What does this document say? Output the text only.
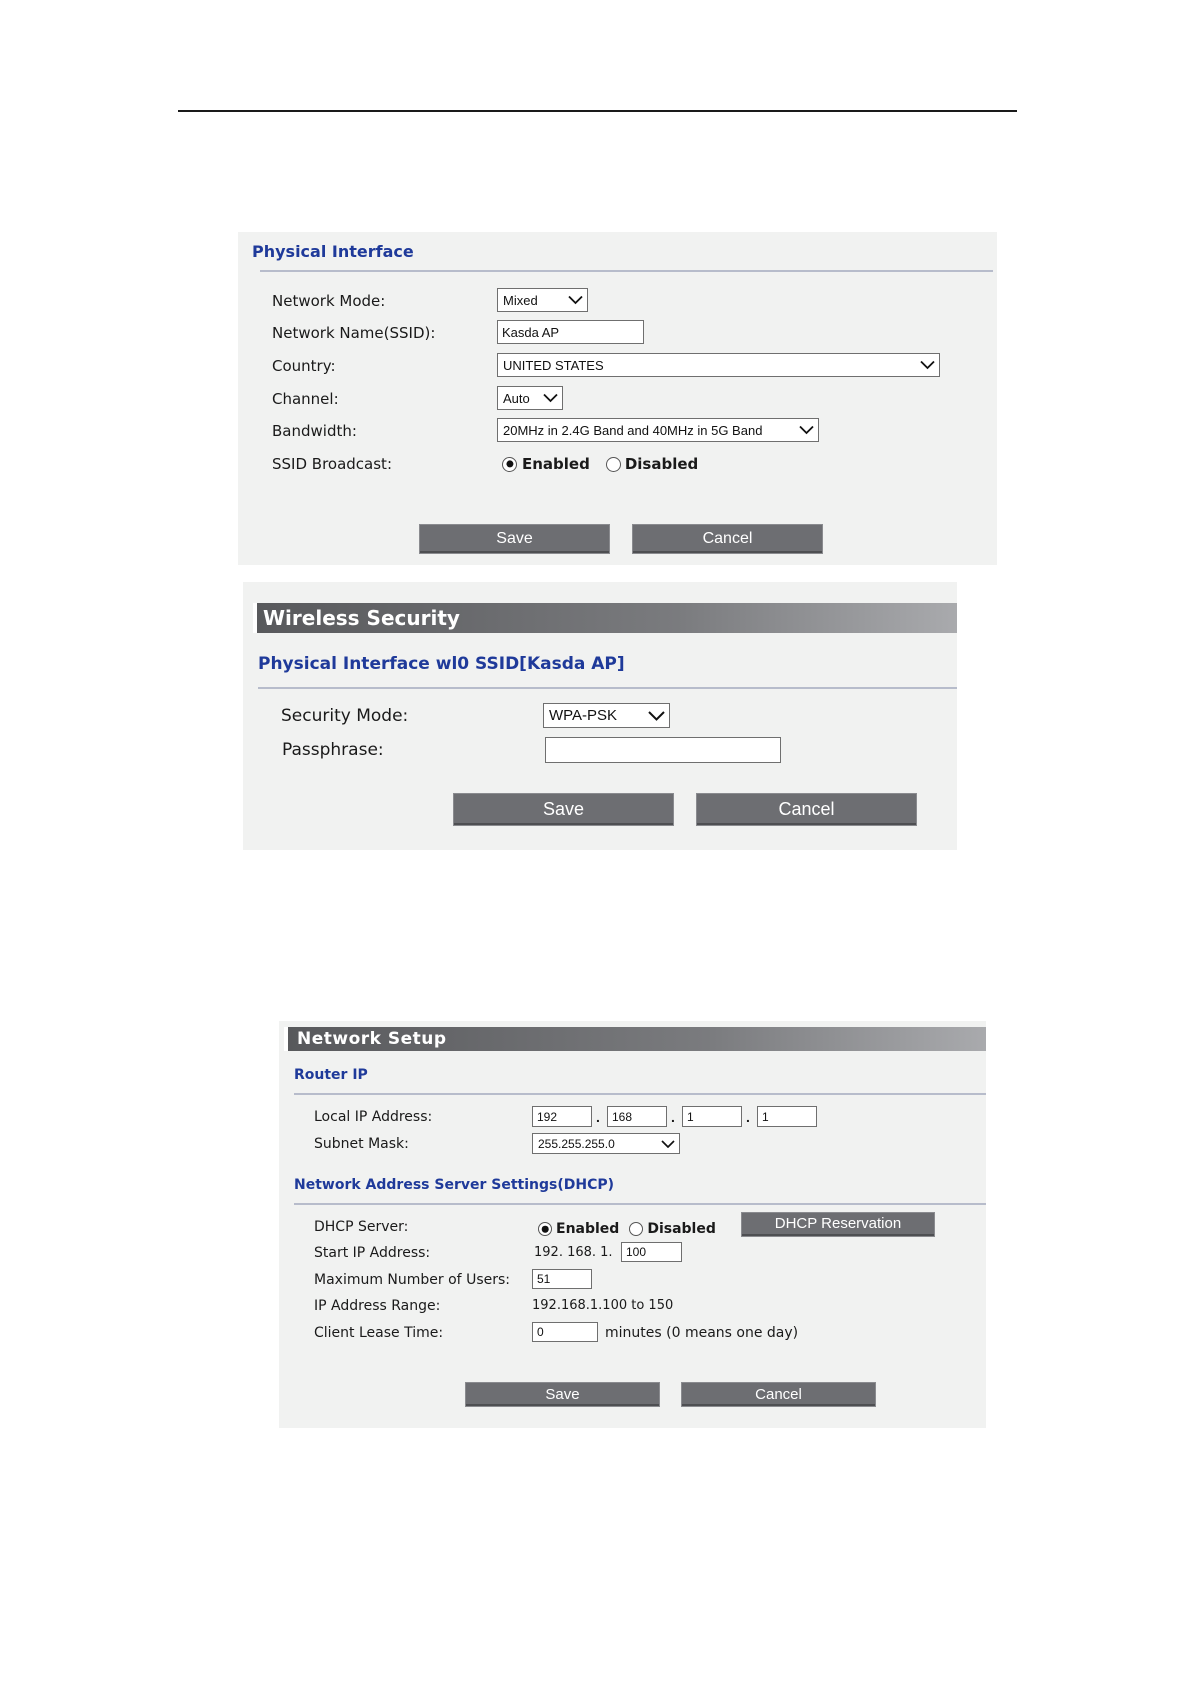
Physical Interface
Network Mode:	Mixed
Network Name(SSID):	Kasda AP
Country:	UNITED STATES
Channel:	Auto
Bandwidth:	20MHz in 2.4G Band and 40MHz in 5G Band
SSID Broadcast:	Enabled Disabled
Save	Cancel
Wireless Security
Physical Interface wl0 SSID[Kasda AP]
Security Mode:	WPA-PSK
Passphrase:
Save	Cancel
Network Setup
Router IP
Local IP Address:	192	. 168	. 1	. 1
Subnet Mask:	255.255.255.0
Network Address Server Settings(DHCP)
DHCP Server:	Enabled Disabled	DHCP Reservation
Start IP Address:	192. 168. 1. 100
Maximum Number of Users: 51
IP Address Range:	192.168.1.100 to 150
Client Lease Time:	0	minutes (0 means one day)
Save	Cancel
